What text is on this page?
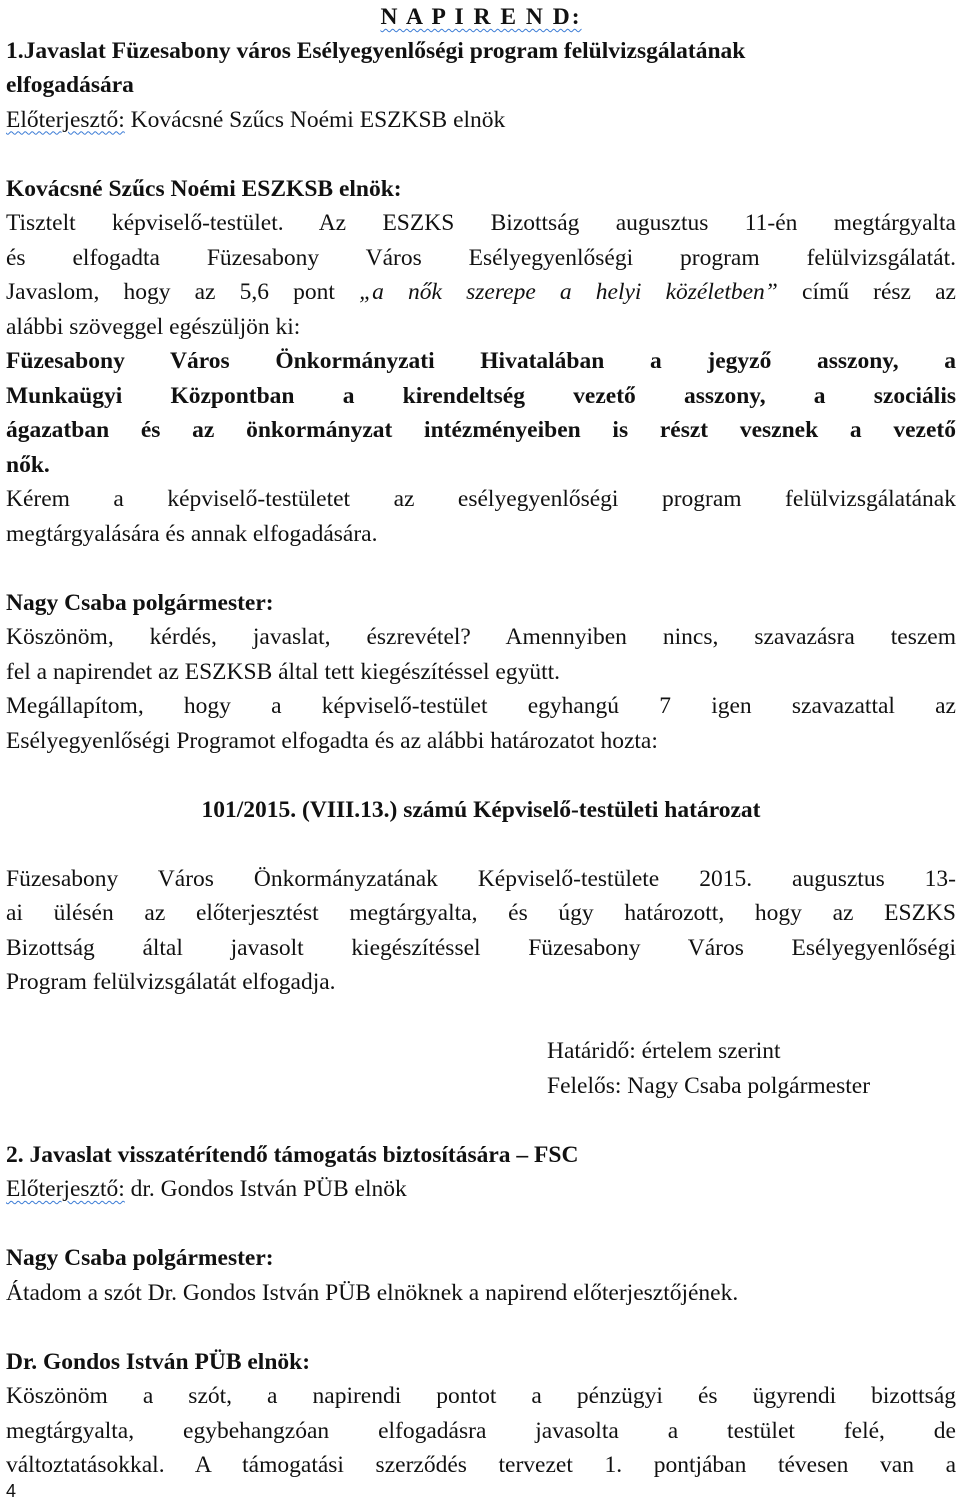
N A P I R E N D:

1.Javaslat Füzesabony város Esélyegyenlőségi program felülvizsgálatának

elfogadására

Előterjesztő: Kovácsné Szűcs Noémi ESZKSB elnök

Kovácsné Szűcs Noémi ESZKSB elnök:

Tisztelt képviselő-testület. Az ESZKS Bizottság augusztus 11-én megtárgyalta

és elfogadta Füzesabony Város Esélyegyenlőségi program felülvizsgálatát.

Javaslom, hogy az 5,6 pont „a nők szerepe a helyi közéletben” című rész az

alábbi szöveggel egészüljön ki:

Füzesabony Város Önkormányzati Hivatalában a jegyző asszony, a

Munkaügyi Központban a kirendeltség vezető asszony, a szociális

ágazatban és az önkormányzat intézményeiben is részt vesznek a vezető

nők.

Kérem a képviselő-testületet az esélyegyenlőségi program felülvizsgálatának

megtárgyalására és annak elfogadására.

Nagy Csaba polgármester:

Köszönöm, kérdés, javaslat, észrevétel? Amennyiben nincs, szavazásra teszem

fel a napirendet az ESZKSB által tett kiegészítéssel együtt.

Megállapítom, hogy a képviselő-testület egyhangú 7 igen szavazattal az

Esélyegyenlőségi Programot elfogadta és az alábbi határozatot hozta:

101/2015. (VIII.13.) számú Képviselő-testületi határozat

Füzesabony Város Önkormányzatának Képviselő-testülete 2015. augusztus 13-

ai ülésén az előterjesztést megtárgyalta, és úgy határozott, hogy az ESZKS

Bizottság által javasolt kiegészítéssel Füzesabony Város Esélyegyenlőségi

Program felülvizsgálatát elfogadja.

Határidő: értelem szerint

Felelős: Nagy Csaba polgármester

2. Javaslat visszatérítendő támogatás biztosítására – FSC

Előterjesztő: dr. Gondos István PÜB elnök

Nagy Csaba polgármester:

Átadom a szót Dr. Gondos István PÜB elnöknek a napirend előterjesztőjének.

Dr. Gondos István PÜB elnök:

Köszönöm a szót, a napirendi pontot a pénzügyi és ügyrendi bizottság

megtárgyalta, egybehangzóan elfogadásra javasolta a testület felé, de

változtatásokkal. A támogatási szerződés tervezet 1. pontjában tévesen van a

4
